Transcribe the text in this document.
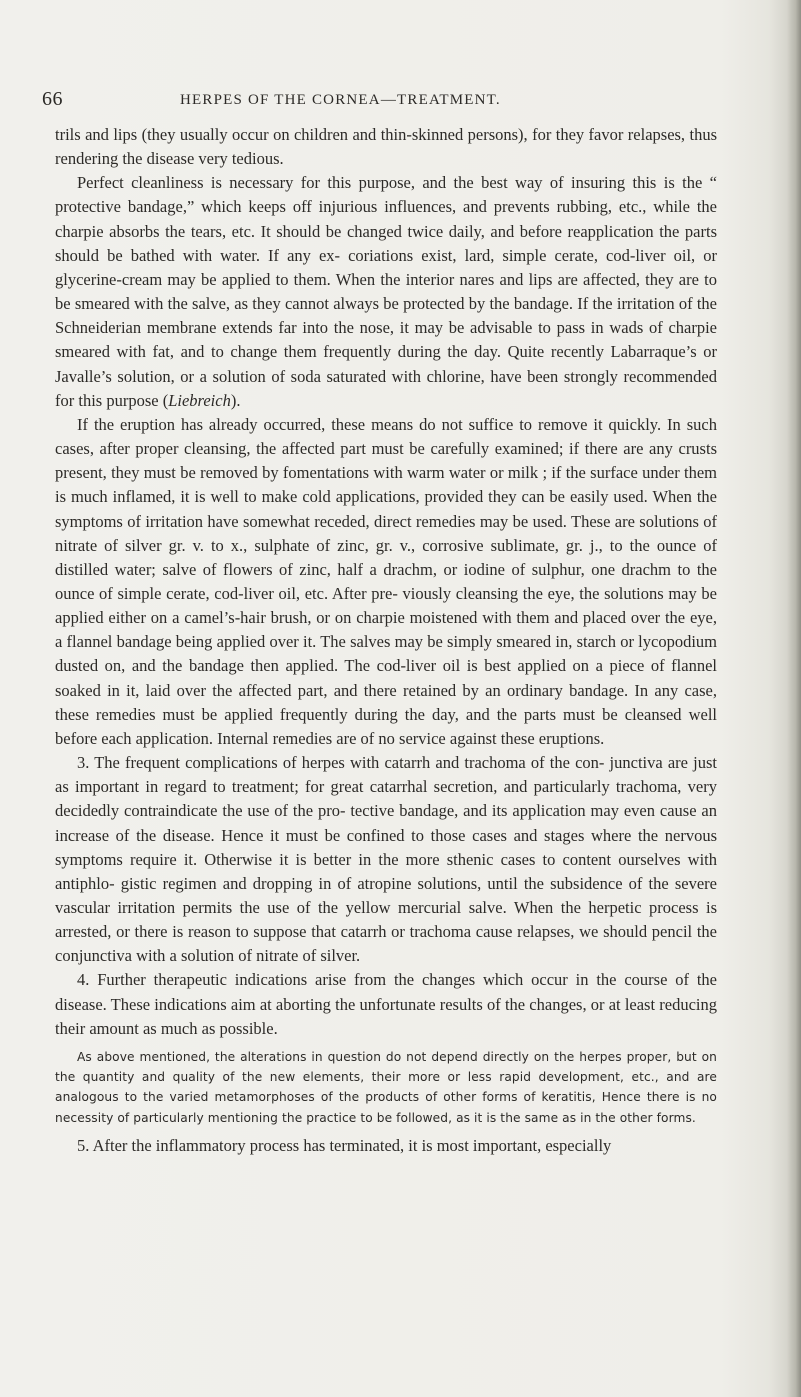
66	HERPES OF THE CORNEA—TREATMENT.

trils and lips (they usually occur on children and thin-skinned persons), for they favor relapses, thus rendering the disease very tedious.

Perfect cleanliness is necessary for this purpose, and the best way of insuring this is the “ protective bandage,” which keeps off injurious influences, and prevents rubbing, etc., while the charpie absorbs the tears, etc. It should be changed twice daily, and before reapplication the parts should be bathed with water. If any ex- coriations exist, lard, simple cerate, cod-liver oil, or glycerine-cream may be applied to them. When the interior nares and lips are affected, they are to be smeared with the salve, as they cannot always be protected by the bandage. If the irritation of the Schneiderian membrane extends far into the nose, it may be advisable to pass in wads of charpie smeared with fat, and to change them frequently during the day. Quite recently Labarraque’s or Javalle’s solution, or a solution of soda saturated with chlorine, have been strongly recommended for this purpose (Liebreich).

If the eruption has already occurred, these means do not suffice to remove it quickly. In such cases, after proper cleansing, the affected part must be carefully examined; if there are any crusts present, they must be removed by fomentations with warm water or milk ; if the surface under them is much inflamed, it is well to make cold applications, provided they can be easily used. When the symptoms of irritation have somewhat receded, direct remedies may be used. These are solutions of nitrate of silver gr. v. to x., sulphate of zinc, gr. v., corrosive sublimate, gr. j., to the ounce of distilled water; salve of flowers of zinc, half a drachm, or iodine of sulphur, one drachm to the ounce of simple cerate, cod-liver oil, etc. After pre- viously cleansing the eye, the solutions may be applied either on a camel’s-hair brush, or on charpie moistened with them and placed over the eye, a flannel bandage being applied over it. The salves may be simply smeared in, starch or lycopodium dusted on, and the bandage then applied. The cod-liver oil is best applied on a piece of flannel soaked in it, laid over the affected part, and there retained by an ordinary bandage. In any case, these remedies must be applied frequently during the day, and the parts must be cleansed well before each application. Internal remedies are of no service against these eruptions.

3. The frequent complications of herpes with catarrh and trachoma of the con- junctiva are just as important in regard to treatment; for great catarrhal secretion, and particularly trachoma, very decidedly contraindicate the use of the pro- tective bandage, and its application may even cause an increase of the disease. Hence it must be confined to those cases and stages where the nervous symptoms require it. Otherwise it is better in the more sthenic cases to content ourselves with antiphlo- gistic regimen and dropping in of atropine solutions, until the subsidence of the severe vascular irritation permits the use of the yellow mercurial salve. When the herpetic process is arrested, or there is reason to suppose that catarrh or trachoma cause relapses, we should pencil the conjunctiva with a solution of nitrate of silver.

4. Further therapeutic indications arise from the changes which occur in the course of the disease. These indications aim at aborting the unfortunate results of the changes, or at least reducing their amount as much as possible.

As above mentioned, the alterations in question do not depend directly on the herpes proper, but on the quantity and quality of the new elements, their more or less rapid development, etc., and are analogous to the varied metamorphoses of the products of other forms of keratitis, Hence there is no necessity of particularly mentioning the practice to be followed, as it is the same as in the other forms.

5. After the inflammatory process has terminated, it is most important, especially
